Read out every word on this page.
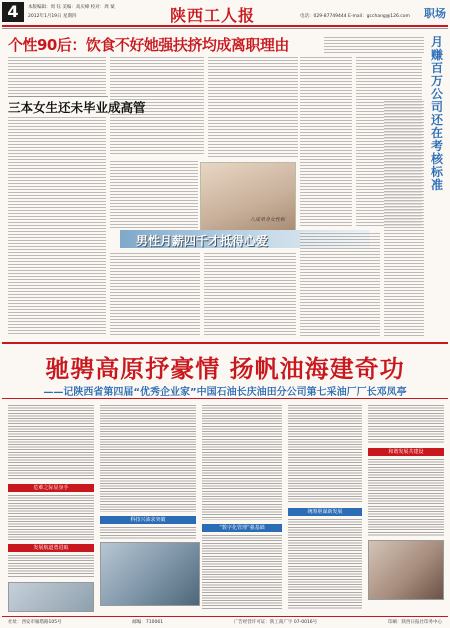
4	本版编辑：周 钰 美编：高庆峰 校对：周 斌
2012年1月19日 星期四	陕西工人报	电话：029-87749444 E-mail：gcchang@126.com 职场
个性90后：饮食不好她强扶挤均成离职理由	月赚百万公司还在考核标准
三本女生还未毕业成高管
八成单身女性称
男性月薪四千才抵得心爱
驰骋高原抒豪情 扬帆油海建奇功
——记陕西省第四届“优秀企业家”中国石油长庆油田分公司第七采油厂厂长邓凤亭
危难之际显身手
发展航道勇进取
科技兴油求突破
“数字化管理”强基础
统筹胆谋新发展
和谐发展共建设
社址：西安市雁塔路105号	邮编：710061	广告经营许可证：陕工商广字 07-0016号	印刷：陕西日报社印务中心
